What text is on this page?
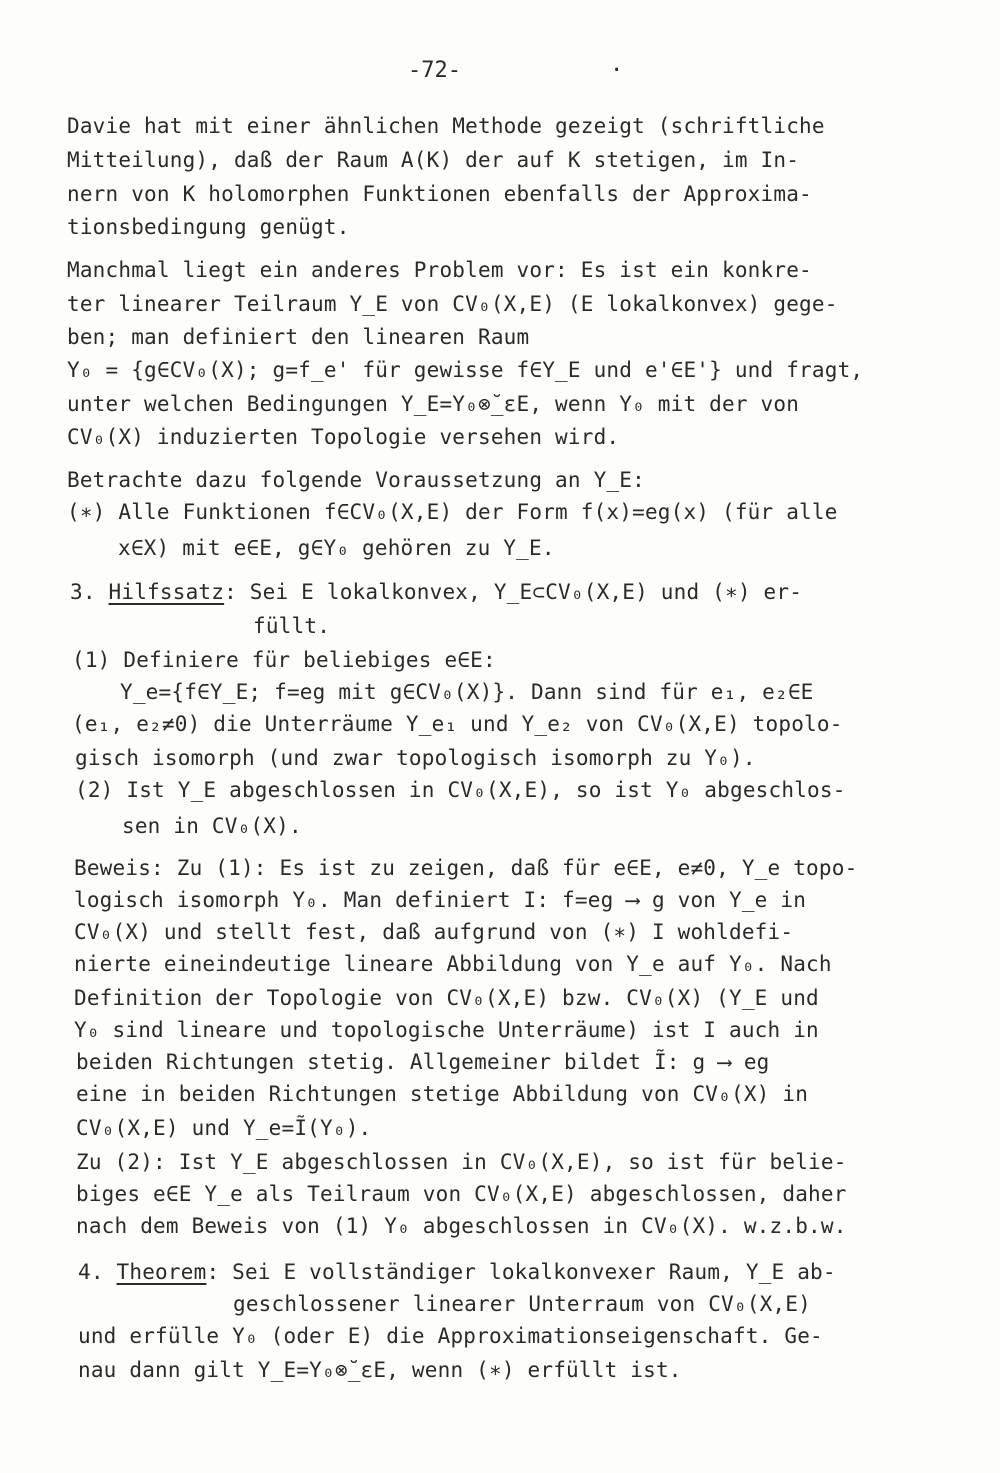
-72-	·
Davie hat mit einer ähnlichen Methode gezeigt (schriftliche
Mitteilung), daß der Raum A(K) der auf K stetigen, im In-
nern von K holomorphen Funktionen ebenfalls der Approxima-
tionsbedingung genügt.
Manchmal liegt ein anderes Problem vor: Es ist ein konkre-
ter linearer Teilraum Y_E von CV₀(X,E) (E lokalkonvex) gege-
ben; man definiert den linearen Raum
Y₀ = {g∈CV₀(X); g=f_e' für gewisse f∈Y_E und e'∈E'} und fragt,
unter welchen Bedingungen Y_E=Y₀⊗̆_εE, wenn Y₀ mit der von
CV₀(X) induzierten Topologie versehen wird.
Betrachte dazu folgende Voraussetzung an Y_E:
(∗) Alle Funktionen f∈CV₀(X,E) der Form f(x)=eg(x) (für alle
x∈X) mit e∈E, g∈Y₀ gehören zu Y_E.
3. Hilfssatz: Sei E lokalkonvex, Y_E⊂CV₀(X,E) und (∗) er-
füllt.
(1) Definiere für beliebiges e∈E:
Y_e={f∈Y_E; f=eg mit g∈CV₀(X)}. Dann sind für e₁, e₂∈E
(e₁, e₂≠0) die Unterräume Y_e₁ und Y_e₂ von CV₀(X,E) topolo-
gisch isomorph (und zwar topologisch isomorph zu Y₀).
(2) Ist Y_E abgeschlossen in CV₀(X,E), so ist Y₀ abgeschlos-
sen in CV₀(X).
Beweis: Zu (1): Es ist zu zeigen, daß für e∈E, e≠0, Y_e topo-
logisch isomorph Y₀. Man definiert I: f=eg ⟶ g von Y_e in
CV₀(X) und stellt fest, daß aufgrund von (∗) I wohldefi-
nierte eineindeutige lineare Abbildung von Y_e auf Y₀. Nach
Definition der Topologie von CV₀(X,E) bzw. CV₀(X) (Y_E und
Y₀ sind lineare und topologische Unterräume) ist I auch in
beiden Richtungen stetig. Allgemeiner bildet Ĩ: g ⟶ eg
eine in beiden Richtungen stetige Abbildung von CV₀(X) in
CV₀(X,E) und Y_e=Ĩ(Y₀).
Zu (2): Ist Y_E abgeschlossen in CV₀(X,E), so ist für belie-
biges e∈E Y_e als Teilraum von CV₀(X,E) abgeschlossen, daher
nach dem Beweis von (1) Y₀ abgeschlossen in CV₀(X). w.z.b.w.
4. Theorem: Sei E vollständiger lokalkonvexer Raum, Y_E ab-
geschlossener linearer Unterraum von CV₀(X,E)
und erfülle Y₀ (oder E) die Approximationseigenschaft. Ge-
nau dann gilt Y_E=Y₀⊗̆_εE, wenn (∗) erfüllt ist.
